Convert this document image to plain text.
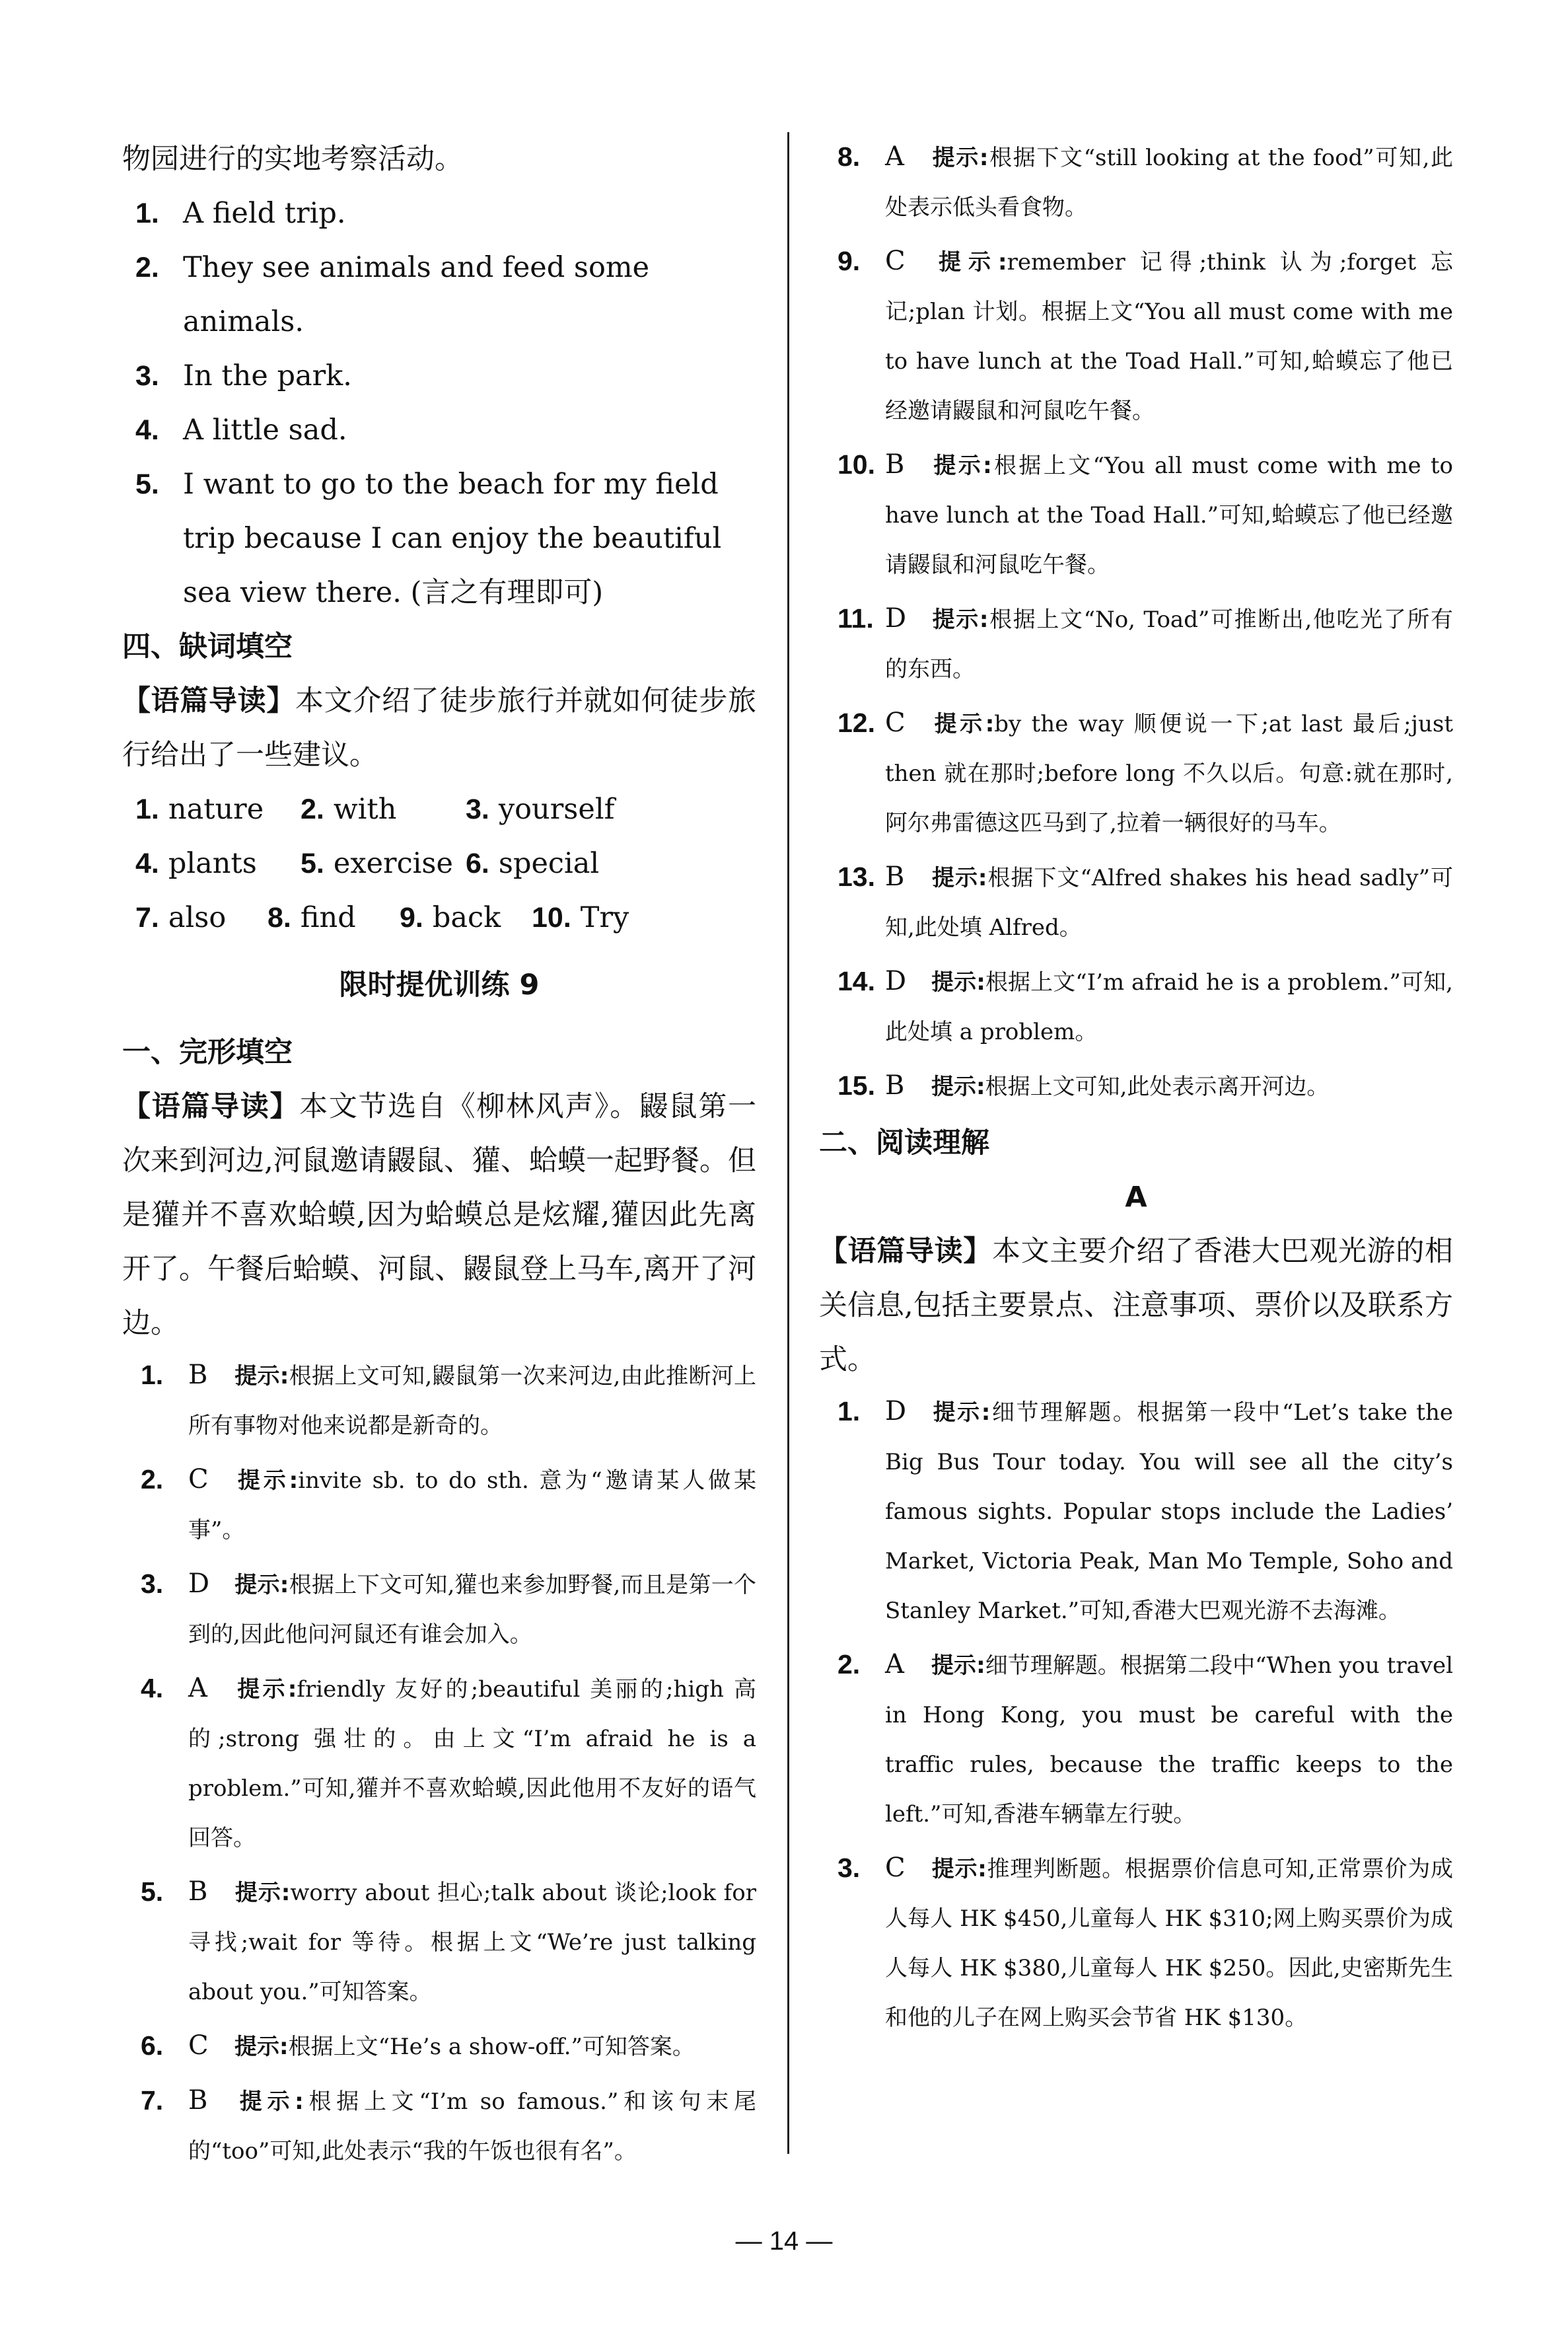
物园进行的实地考察活动。
1. A field trip.
2. They see animals and feed some animals.
3. In the park.
4. A little sad.
5. I want to go to the beach for my field trip because I can enjoy the beautiful sea view there. (言之有理即可)
四、缺词填空
【语篇导读】本文介绍了徒步旅行并就如何徒步旅行给出了一些建议。
1. nature 2. with 3. yourself
4. plants 5. exercise 6. special
7. also 8. find 9. back 10. Try
限时提优训练 9
一、完形填空
【语篇导读】本文节选自《柳林风声》。鼹鼠第一次来到河边,河鼠邀请鼹鼠、獾、蛤蟆一起野餐。但是獾并不喜欢蛤蟆,因为蛤蟆总是炫耀,獾因此先离开了。午餐后蛤蟆、河鼠、鼹鼠登上马车,离开了河边。
1. B 提示:根据上文可知,鼹鼠第一次来河边,由此推断河上所有事物对他来说都是新奇的。
2. C 提示:invite sb. to do sth. 意为“邀请某人做某事”。
3. D 提示:根据上下文可知,獾也来参加野餐,而且是第一个到的,因此他问河鼠还有谁会加入。
4. A 提示:friendly 友好的;beautiful 美丽的;high 高的;strong 强壮的。由上文“I’m afraid he is a problem.”可知,獾并不喜欢蛤蟆,因此他用不友好的语气回答。
5. B 提示:worry about 担心;talk about 谈论;look for 寻找;wait for 等待。根据上文“We’re just talking about you.”可知答案。
6. C 提示:根据上文“He’s a show-off.”可知答案。
7. B 提示:根据上文“I’m so famous.”和该句末尾的“too”可知,此处表示“我的午饭也很有名”。
8. A 提示:根据下文“still looking at the food”可知,此处表示低头看食物。
9. C 提示:remember 记得;think 认为;forget 忘记;plan 计划。根据上文“You all must come with me to have lunch at the Toad Hall.”可知,蛤蟆忘了他已经邀请鼹鼠和河鼠吃午餐。
10. B 提示:根据上文“You all must come with me to have lunch at the Toad Hall.”可知,蛤蟆忘了他已经邀请鼹鼠和河鼠吃午餐。
11. D 提示:根据上文“No, Toad”可推断出,他吃光了所有的东西。
12. C 提示:by the way 顺便说一下;at last 最后;just then 就在那时;before long 不久以后。句意:就在那时,阿尔弗雷德这匹马到了,拉着一辆很好的马车。
13. B 提示:根据下文“Alfred shakes his head sadly”可知,此处填 Alfred。
14. D 提示:根据上文“I’m afraid he is a problem.”可知,此处填 a problem。
15. B 提示:根据上文可知,此处表示离开河边。
二、阅读理解
A
【语篇导读】本文主要介绍了香港大巴观光游的相关信息,包括主要景点、注意事项、票价以及联系方式。
1. D 提示:细节理解题。根据第一段中“Let’s take the Big Bus Tour today. You will see all the city’s famous sights. Popular stops include the Ladies’ Market, Victoria Peak, Man Mo Temple, Soho and Stanley Market.”可知,香港大巴观光游不去海滩。
2. A 提示:细节理解题。根据第二段中“When you travel in Hong Kong, you must be careful with the traffic rules, because the traffic keeps to the left.”可知,香港车辆靠左行驶。
3. C 提示:推理判断题。根据票价信息可知,正常票价为成人每人 HK $450,儿童每人 HK $310;网上购买票价为成人每人 HK $380,儿童每人 HK $250。因此,史密斯先生和他的儿子在网上购买会节省 HK $130。
— 14 —
